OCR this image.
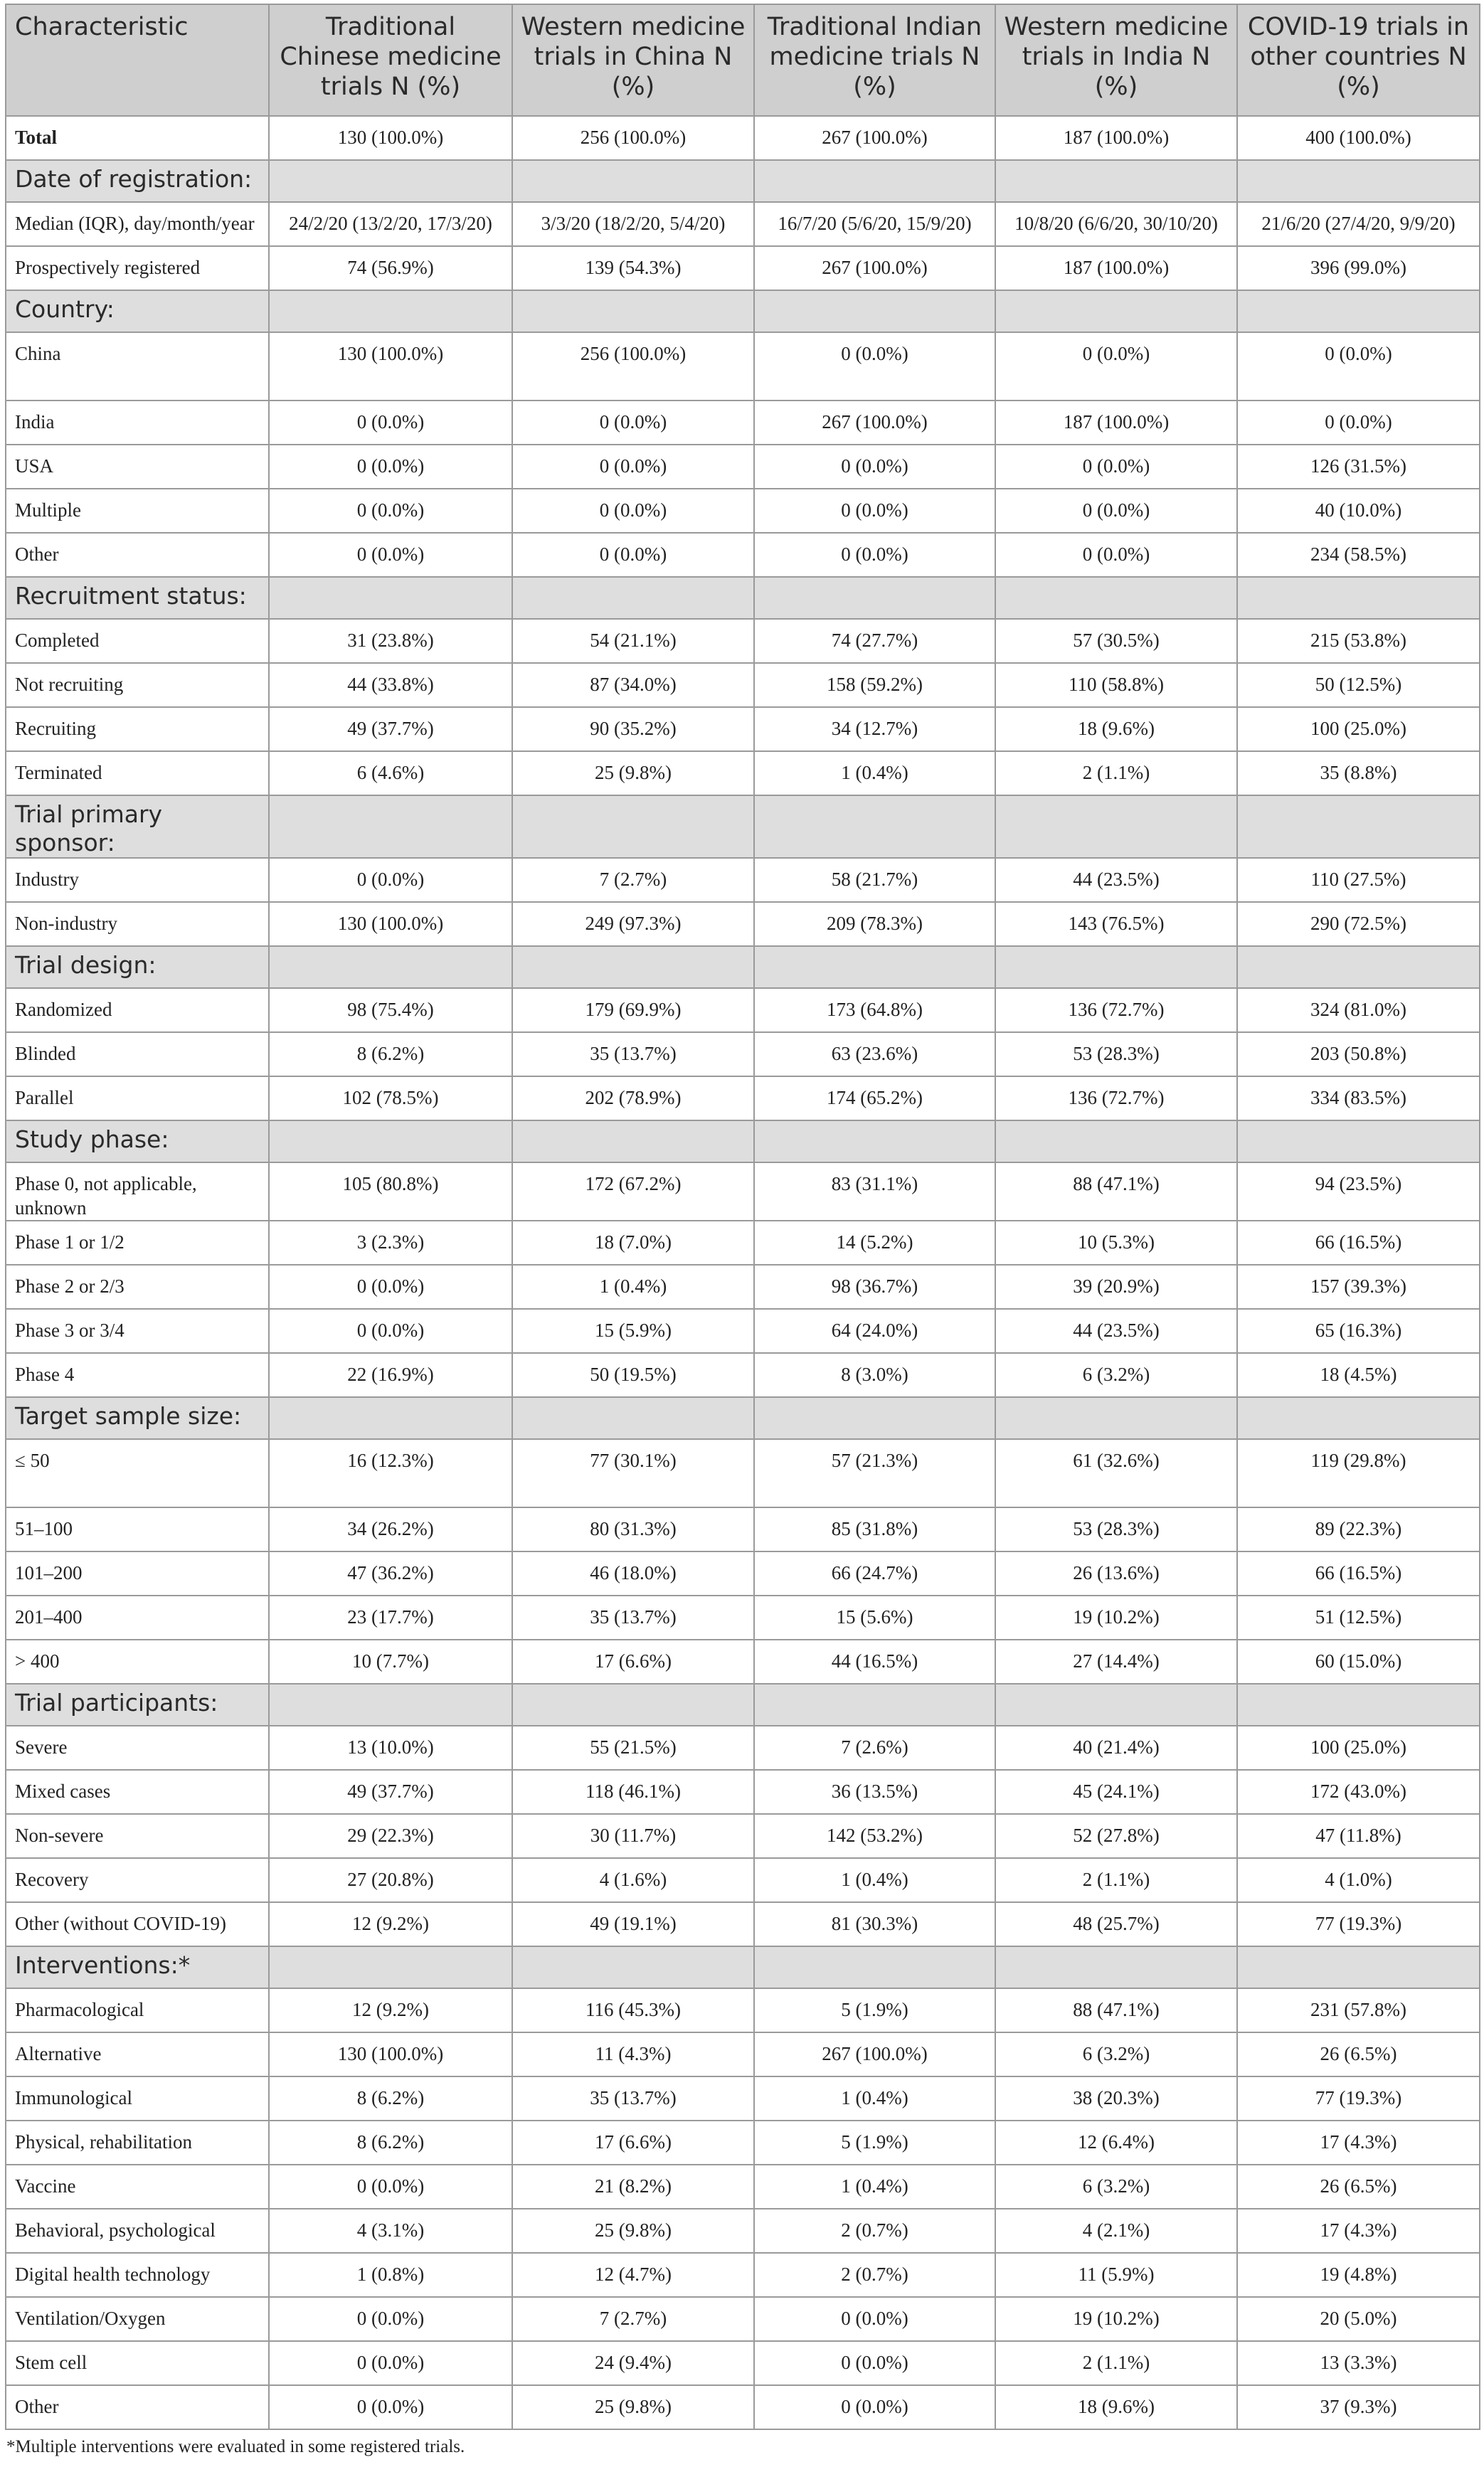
Characteristic	Traditional Chinese medicine trials N (%)	Western medicine trials in China N (%)	Traditional Indian medicine trials N (%)	Western medicine trials in India N (%)	COVID-19 trials in other countries N (%)
Total	130 (100.0%)	256 (100.0%)	267 (100.0%)	187 (100.0%)	400 (100.0%)
Date of registration:					
Median (IQR), day/month/year	24/2/20 (13/2/20, 17/3/20)	3/3/20 (18/2/20, 5/4/20)	16/7/20 (5/6/20, 15/9/20)	10/8/20 (6/6/20, 30/10/20)	21/6/20 (27/4/20, 9/9/20)
Prospectively registered	74 (56.9%)	139 (54.3%)	267 (100.0%)	187 (100.0%)	396 (99.0%)
Country:					
China	130 (100.0%)	256 (100.0%)	0 (0.0%)	0 (0.0%)	0 (0.0%)
India	0 (0.0%)	0 (0.0%)	267 (100.0%)	187 (100.0%)	0 (0.0%)
USA	0 (0.0%)	0 (0.0%)	0 (0.0%)	0 (0.0%)	126 (31.5%)
Multiple	0 (0.0%)	0 (0.0%)	0 (0.0%)	0 (0.0%)	40 (10.0%)
Other	0 (0.0%)	0 (0.0%)	0 (0.0%)	0 (0.0%)	234 (58.5%)
Recruitment status:					
Completed	31 (23.8%)	54 (21.1%)	74 (27.7%)	57 (30.5%)	215 (53.8%)
Not recruiting	44 (33.8%)	87 (34.0%)	158 (59.2%)	110 (58.8%)	50 (12.5%)
Recruiting	49 (37.7%)	90 (35.2%)	34 (12.7%)	18 (9.6%)	100 (25.0%)
Terminated	6 (4.6%)	25 (9.8%)	1 (0.4%)	2 (1.1%)	35 (8.8%)
Trial primary sponsor:					
Industry	0 (0.0%)	7 (2.7%)	58 (21.7%)	44 (23.5%)	110 (27.5%)
Non-industry	130 (100.0%)	249 (97.3%)	209 (78.3%)	143 (76.5%)	290 (72.5%)
Trial design:					
Randomized	98 (75.4%)	179 (69.9%)	173 (64.8%)	136 (72.7%)	324 (81.0%)
Blinded	8 (6.2%)	35 (13.7%)	63 (23.6%)	53 (28.3%)	203 (50.8%)
Parallel	102 (78.5%)	202 (78.9%)	174 (65.2%)	136 (72.7%)	334 (83.5%)
Study phase:					
Phase 0, not applicable, unknown	105 (80.8%)	172 (67.2%)	83 (31.1%)	88 (47.1%)	94 (23.5%)
Phase 1 or 1/2	3 (2.3%)	18 (7.0%)	14 (5.2%)	10 (5.3%)	66 (16.5%)
Phase 2 or 2/3	0 (0.0%)	1 (0.4%)	98 (36.7%)	39 (20.9%)	157 (39.3%)
Phase 3 or 3/4	0 (0.0%)	15 (5.9%)	64 (24.0%)	44 (23.5%)	65 (16.3%)
Phase 4	22 (16.9%)	50 (19.5%)	8 (3.0%)	6 (3.2%)	18 (4.5%)
Target sample size:					
≤ 50	16 (12.3%)	77 (30.1%)	57 (21.3%)	61 (32.6%)	119 (29.8%)
51–100	34 (26.2%)	80 (31.3%)	85 (31.8%)	53 (28.3%)	89 (22.3%)
101–200	47 (36.2%)	46 (18.0%)	66 (24.7%)	26 (13.6%)	66 (16.5%)
201–400	23 (17.7%)	35 (13.7%)	15 (5.6%)	19 (10.2%)	51 (12.5%)
> 400	10 (7.7%)	17 (6.6%)	44 (16.5%)	27 (14.4%)	60 (15.0%)
Trial participants:					
Severe	13 (10.0%)	55 (21.5%)	7 (2.6%)	40 (21.4%)	100 (25.0%)
Mixed cases	49 (37.7%)	118 (46.1%)	36 (13.5%)	45 (24.1%)	172 (43.0%)
Non-severe	29 (22.3%)	30 (11.7%)	142 (53.2%)	52 (27.8%)	47 (11.8%)
Recovery	27 (20.8%)	4 (1.6%)	1 (0.4%)	2 (1.1%)	4 (1.0%)
Other (without COVID-19)	12 (9.2%)	49 (19.1%)	81 (30.3%)	48 (25.7%)	77 (19.3%)
Interventions:*					
Pharmacological	12 (9.2%)	116 (45.3%)	5 (1.9%)	88 (47.1%)	231 (57.8%)
Alternative	130 (100.0%)	11 (4.3%)	267 (100.0%)	6 (3.2%)	26 (6.5%)
Immunological	8 (6.2%)	35 (13.7%)	1 (0.4%)	38 (20.3%)	77 (19.3%)
Physical, rehabilitation	8 (6.2%)	17 (6.6%)	5 (1.9%)	12 (6.4%)	17 (4.3%)
Vaccine	0 (0.0%)	21 (8.2%)	1 (0.4%)	6 (3.2%)	26 (6.5%)
Behavioral, psychological	4 (3.1%)	25 (9.8%)	2 (0.7%)	4 (2.1%)	17 (4.3%)
Digital health technology	1 (0.8%)	12 (4.7%)	2 (0.7%)	11 (5.9%)	19 (4.8%)
Ventilation/Oxygen	0 (0.0%)	7 (2.7%)	0 (0.0%)	19 (10.2%)	20 (5.0%)
Stem cell	0 (0.0%)	24 (9.4%)	0 (0.0%)	2 (1.1%)	13 (3.3%)
Other	0 (0.0%)	25 (9.8%)	0 (0.0%)	18 (9.6%)	37 (9.3%)
*Multiple interventions were evaluated in some registered trials.
